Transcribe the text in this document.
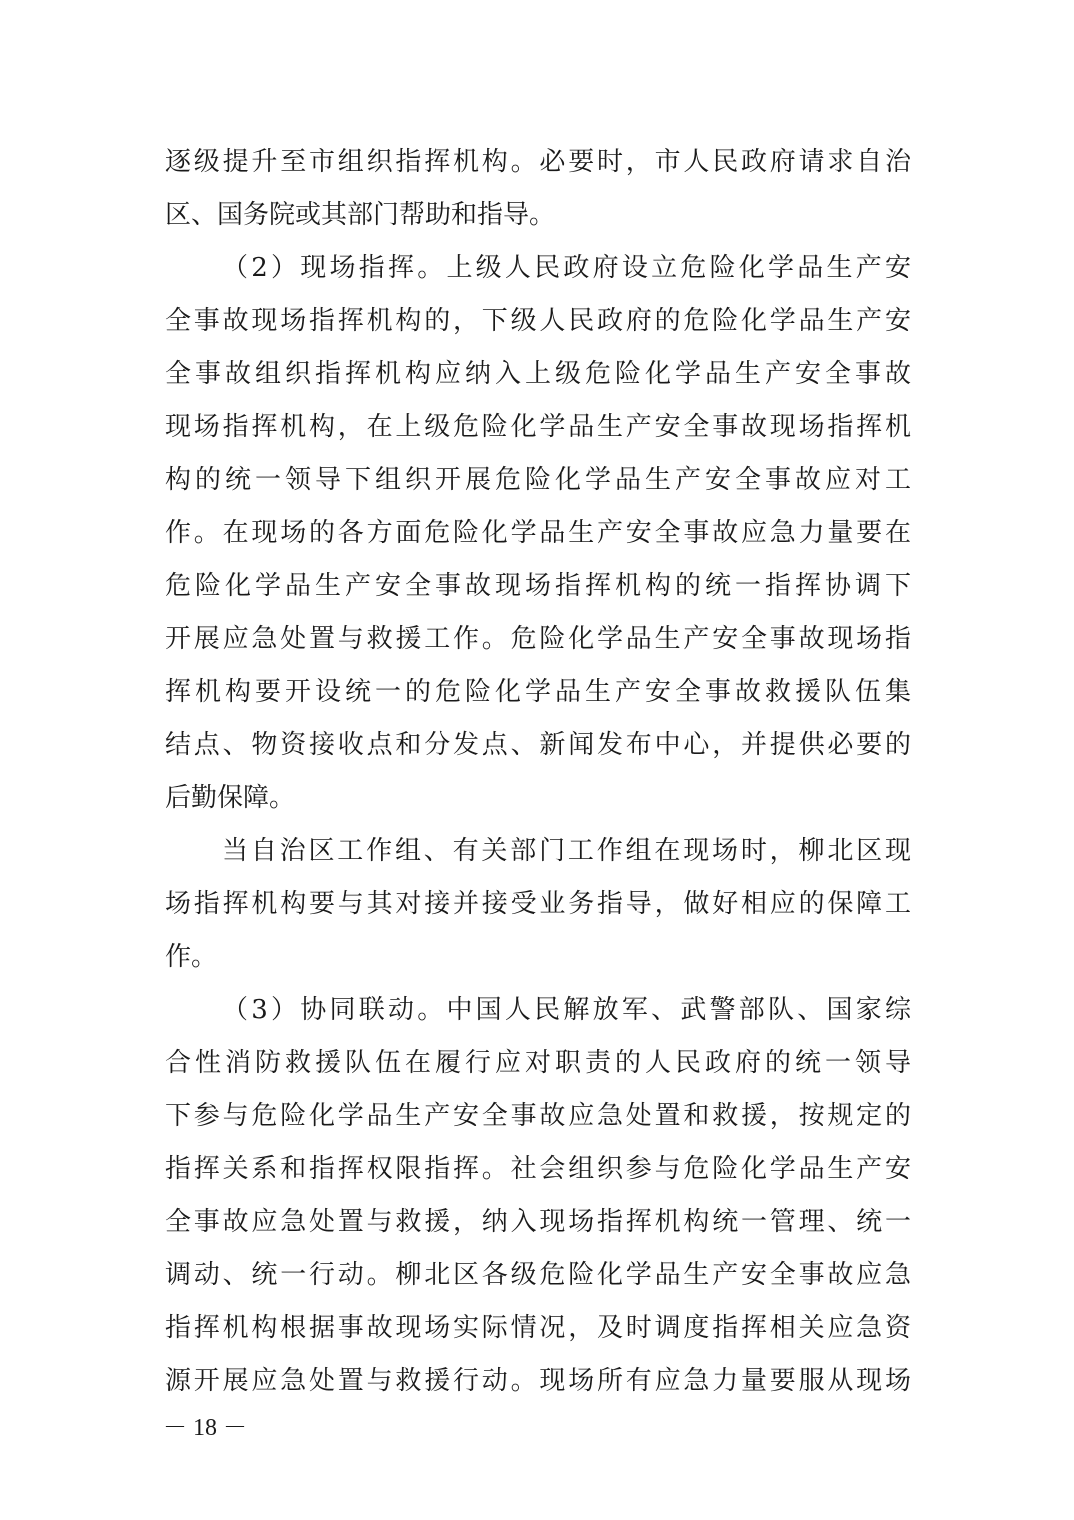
逐级提升至市组织指挥机构。必要时，市人民政府请求自治
区、国务院或其部门帮助和指导。
（2）现场指挥。上级人民政府设立危险化学品生产安
全事故现场指挥机构的，下级人民政府的危险化学品生产安
全事故组织指挥机构应纳入上级危险化学品生产安全事故
现场指挥机构，在上级危险化学品生产安全事故现场指挥机
构的统一领导下组织开展危险化学品生产安全事故应对工
作。在现场的各方面危险化学品生产安全事故应急力量要在
危险化学品生产安全事故现场指挥机构的统一指挥协调下
开展应急处置与救援工作。危险化学品生产安全事故现场指
挥机构要开设统一的危险化学品生产安全事故救援队伍集
结点、物资接收点和分发点、新闻发布中心，并提供必要的
后勤保障。
当自治区工作组、有关部门工作组在现场时，柳北区现
场指挥机构要与其对接并接受业务指导，做好相应的保障工
作。
（3）协同联动。中国人民解放军、武警部队、国家综
合性消防救援队伍在履行应对职责的人民政府的统一领导
下参与危险化学品生产安全事故应急处置和救援，按规定的
指挥关系和指挥权限指挥。社会组织参与危险化学品生产安
全事故应急处置与救援，纳入现场指挥机构统一管理、统一
调动、统一行动。柳北区各级危险化学品生产安全事故应急
指挥机构根据事故现场实际情况，及时调度指挥相关应急资
源开展应急处置与救援行动。现场所有应急力量要服从现场
－ 18 －
